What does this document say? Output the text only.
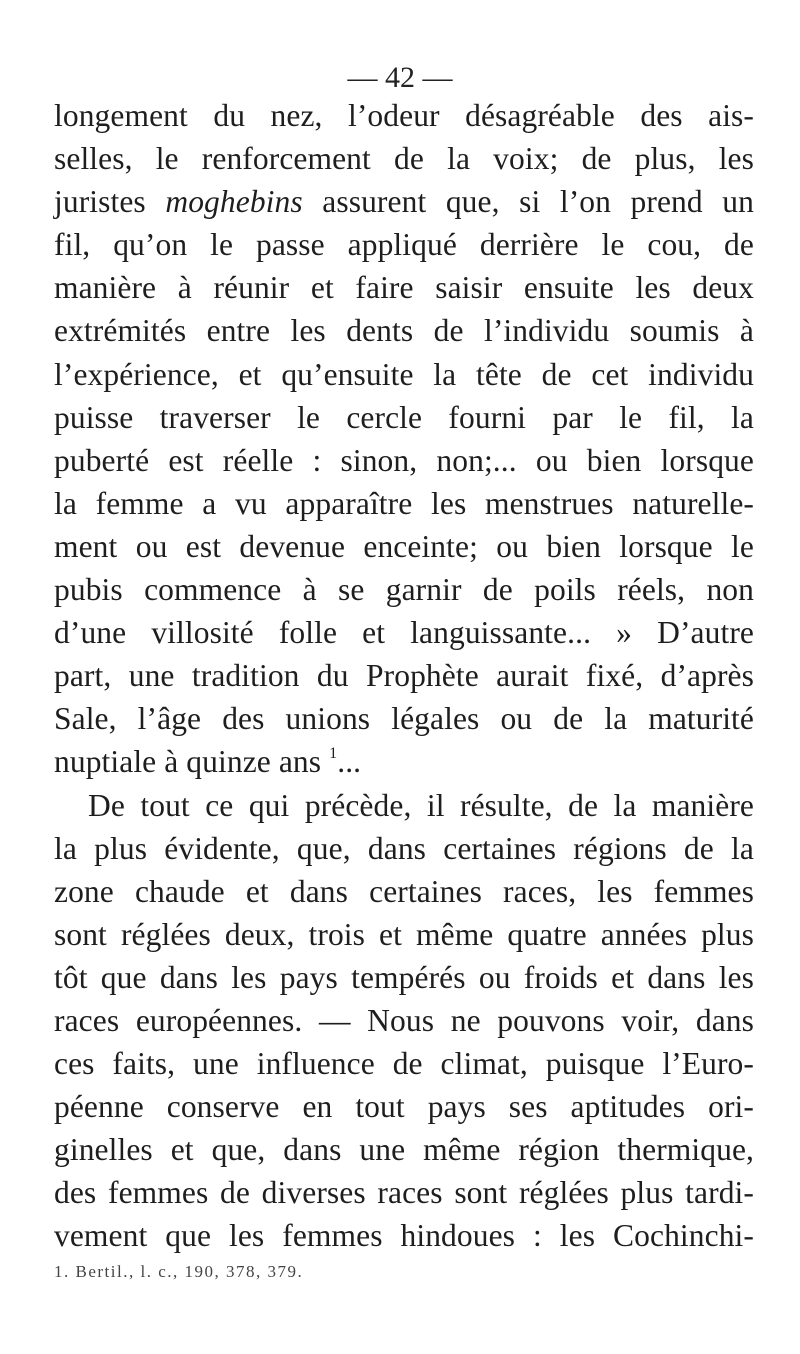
— 42 —
longement du nez, l’odeur désagréable des ais-
selles, le renforcement de la voix; de plus, les
juristes moghebins assurent que, si l’on prend un
fil, qu’on le passe appliqué derrière le cou, de
manière à réunir et faire saisir ensuite les deux
extrémités entre les dents de l’individu soumis à
l’expérience, et qu’ensuite la tête de cet individu
puisse traverser le cercle fourni par le fil, la
puberté est réelle : sinon, non;... ou bien lorsque
la femme a vu apparaître les menstrues naturelle-
ment ou est devenue enceinte; ou bien lorsque le
pubis commence à se garnir de poils réels, non
d’une villosité folle et languissante... » D’autre
part, une tradition du Prophète aurait fixé, d’après
Sale, l’âge des unions légales ou de la maturité
nuptiale à quinze ans $^1$...
De tout ce qui précède, il résulte, de la manière
la plus évidente, que, dans certaines régions de la
zone chaude et dans certaines races, les femmes
sont réglées deux, trois et même quatre années plus
tôt que dans les pays tempérés ou froids et dans les
races européennes. — Nous ne pouvons voir, dans
ces faits, une influence de climat, puisque l’Euro-
péenne conserve en tout pays ses aptitudes ori-
ginelles et que, dans une même région thermique,
des femmes de diverses races sont réglées plus tardi-
vement que les femmes hindoues : les Cochinchi-
1. Bertil., l. c., 190, 378, 379.
